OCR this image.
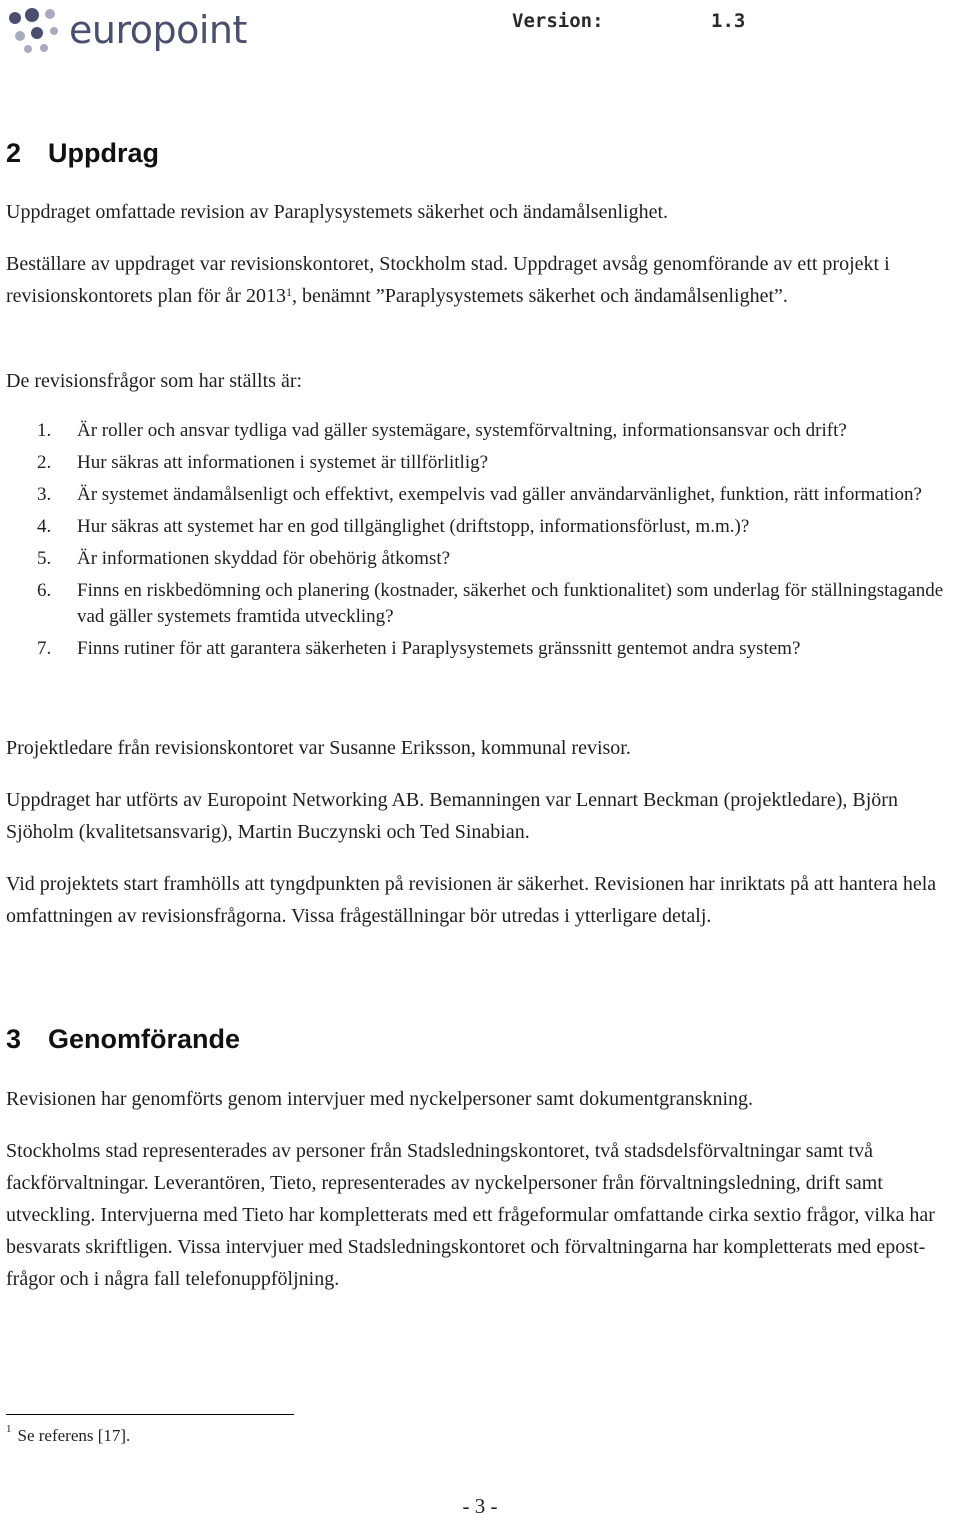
europoint	Version:	1.3
2 Uppdrag

Uppdraget omfattade revision av Paraplysystemets säkerhet och ändamålsenlighet.

Beställare av uppdraget var revisionskontoret, Stockholm stad. Uppdraget avsåg genomförande av ett projekt i revisionskontorets plan för år 2013$^1$, benämnt ”Paraplysystemets säkerhet och ändamålsenlighet”.

De revisionsfrågor som har ställts är:

1. Är roller och ansvar tydliga vad gäller systemägare, systemförvaltning, informationsansvar och drift?
2. Hur säkras att informationen i systemet är tillförlitlig?
3. Är systemet ändamålsenligt och effektivt, exempelvis vad gäller användarvänlighet, funktion, rätt information?
4. Hur säkras att systemet har en god tillgänglighet (driftstopp, informationsförlust, m.m.)?
5. Är informationen skyddad för obehörig åtkomst?
6. Finns en riskbedömning och planering (kostnader, säkerhet och funktionalitet) som underlag för ställningstagande vad gäller systemets framtida utveckling?
7. Finns rutiner för att garantera säkerheten i Paraplysystemets gränssnitt gentemot andra system?

Projektledare från revisionskontoret var Susanne Eriksson, kommunal revisor.

Uppdraget har utförts av Europoint Networking AB. Bemanningen var Lennart Beckman (projektledare), Björn Sjöholm (kvalitetsansvarig), Martin Buczynski och Ted Sinabian.

Vid projektets start framhölls att tyngdpunkten på revisionen är säkerhet. Revisionen har inriktats på att hantera hela omfattningen av revisionsfrågorna. Vissa frågeställningar bör utredas i ytterligare detalj.

3 Genomförande

Revisionen har genomförts genom intervjuer med nyckelpersoner samt dokumentgranskning.

Stockholms stad representerades av personer från Stadsledningskontoret, två stadsdelsförvaltningar samt två fackförvaltningar. Leverantören, Tieto, representerades av nyckelpersoner från förvaltningsledning, drift samt utveckling. Intervjuerna med Tieto har kompletterats med ett frågeformular omfattande cirka sextio frågor, vilka har besvarats skriftligen. Vissa intervjuer med Stadsledningskontoret och förvaltningarna har kompletterats med epost-frågor och i några fall telefonuppföljning.

$^1$ Se referens [17].
- 3 -
